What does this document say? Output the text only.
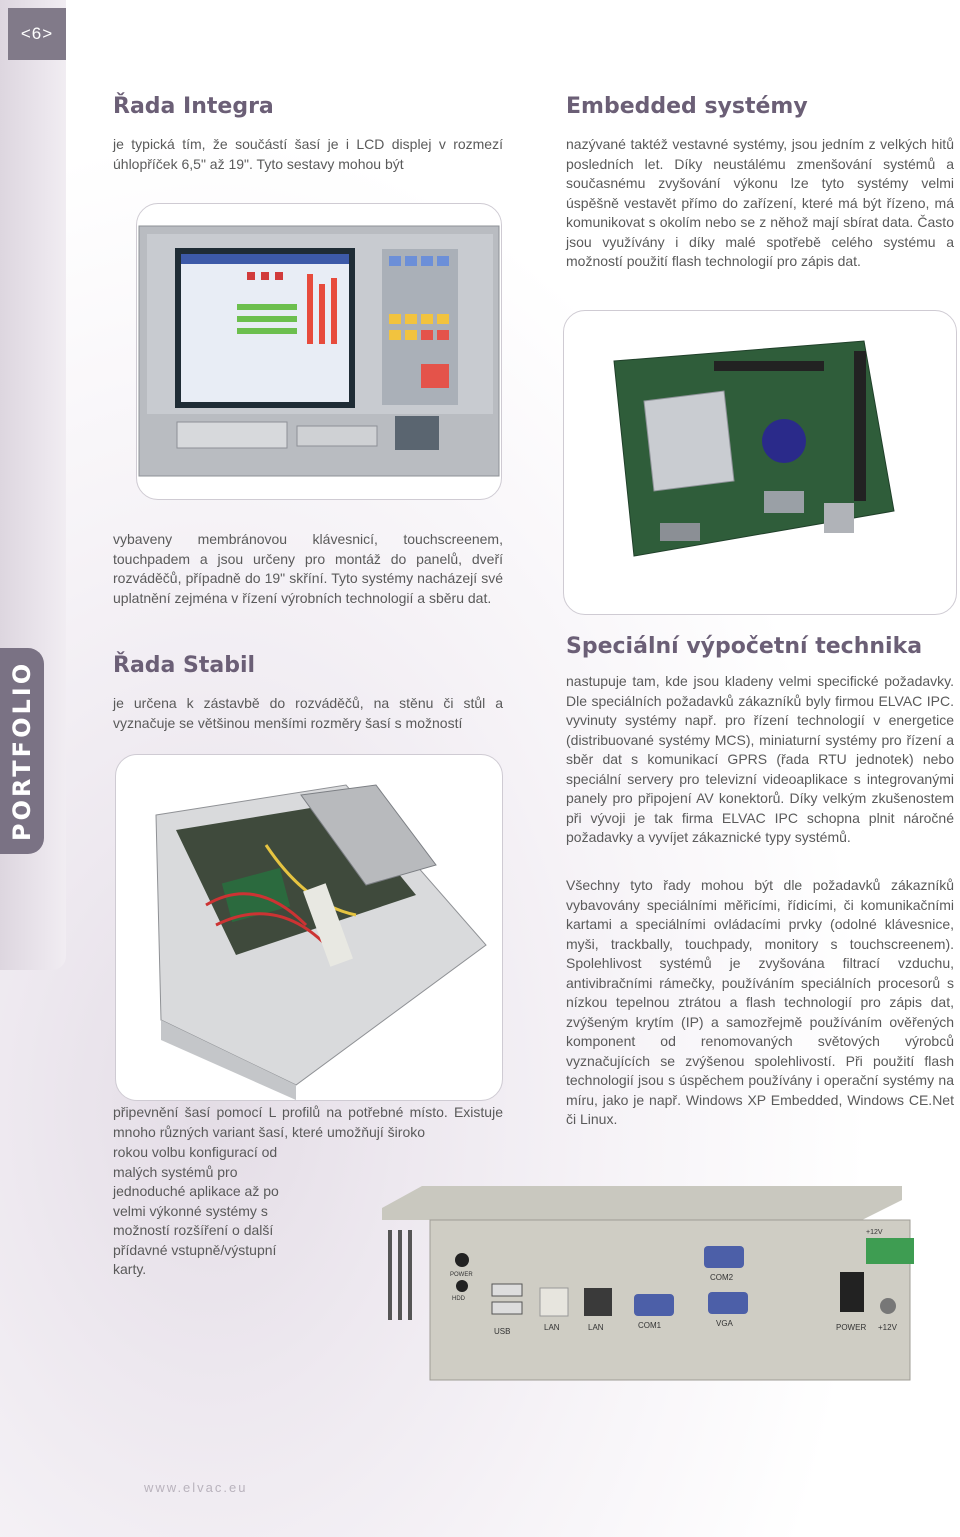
<6>
PORTFOLIO
Řada Integra

je typická tím, že součástí šasí je i LCD displej v rozmezí úhlopříček 6,5" až 19". Tyto sestavy mohou být

vybaveny membránovou klávesnicí, touchscreenem, touchpadem a jsou určeny pro montáž do panelů, dveří rozváděčů, případně do 19" skříní. Tyto systémy nacházejí své uplatnění zejména v řízení výrobních technologií a sběru dat.

Řada Stabil

je určena k zástavbě do rozváděčů, na stěnu či stůl a vyznačuje se většinou menšími rozměry šasí s možností

připevnění šasí pomocí L profilů na potřebné místo. Existuje mnoho různých variant šasí, které umožňují široko

rokou volbu konfigurací od malých systémů pro jednoduché aplikace až po velmi výkonné systémy s možností rozšíření o další přídavné vstupně/výstupní karty.

Embedded systémy

nazývané taktéž vestavné systémy, jsou jedním z velkých hitů posledních let. Díky neustálému zmenšování systémů a současnému zvyšování výkonu lze tyto systémy velmi úspěšně vestavět přímo do zařízení, které má být řízeno, má komunikovat s okolím nebo se z něhož mají sbírat data. Často jsou využívány i díky malé spotřebě celého systému a možností použití flash technologií pro zápis dat.

Speciální výpočetní technika

nastupuje tam, kde jsou kladeny velmi specifické požadavky. Dle speciálních požadavků zákazníků byly firmou ELVAC IPC. vyvinuty systémy např. pro řízení technologií v energetice (distribuované systémy MCS), miniaturní systémy pro řízení a sběr dat s komunikací GPRS (řada RTU jednotek) nebo speciální servery pro televizní videoaplikace s integrovanými panely pro připojení AV konektorů. Díky velkým zkušenostem při vývoji je tak firma ELVAC IPC schopna plnit náročné požadavky a vyvíjet zákaznické typy systémů.

Všechny tyto řady mohou být dle požadavků zákazníků vybavovány speciálními měřicími, řídicími, či komunikačními kartami a speciálními ovládacími prvky (odolné klávesnice, myši, trackbally, touchpady, monitory s touchscreenem). Spolehlivost systémů je zvyšována filtrací vzduchu, antivibračními rámečky, používáním speciálních procesorů s nízkou tepelnou ztrátou a flash technologií pro zápis dat, zvýšeným krytím (IP) a samozřejmě používáním ověřených komponent od renomovaných světových výrobců vyznačujících se zvýšenou spolehlivostí. Při použití flash technologií jsou s úspěchem používány i operační systémy na míru, jako je např. Windows XP Embedded, Windows CE.Net či Linux.

POWER
HDD
USB	LAN	LAN	COM1
COM2
VGA	POWER +12V
+12V
www.elvac.eu
